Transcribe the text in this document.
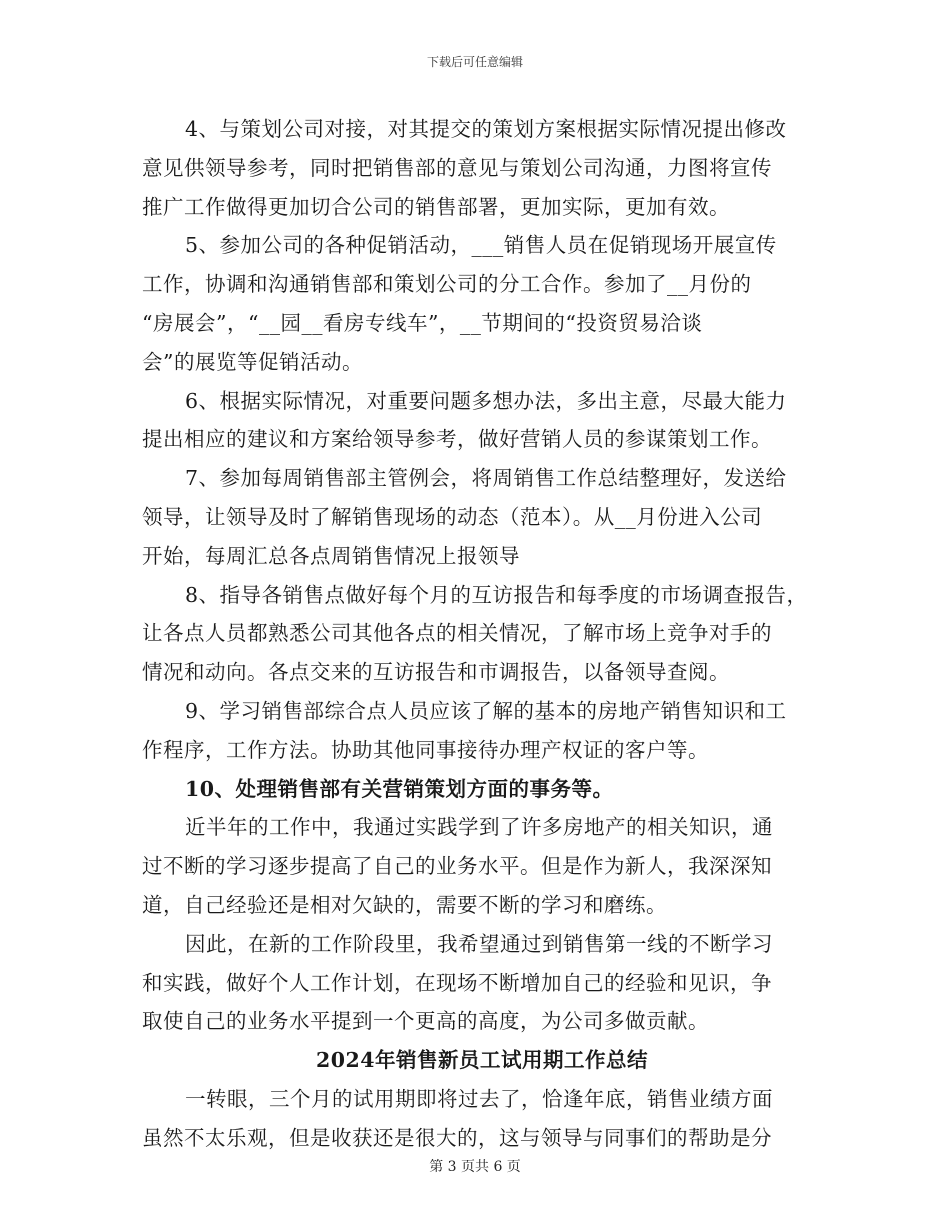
下载后可任意编辑
4、与策划公司对接，对其提交的策划方案根据实际情况提出修改
意见供领导参考，同时把销售部的意见与策划公司沟通，力图将宣传
推广工作做得更加切合公司的销售部署，更加实际，更加有效。
5、参加公司的各种促销活动，___销售人员在促销现场开展宣传
工作，协调和沟通销售部和策划公司的分工合作。参加了__月份的
“房展会”，“__园__看房专线车”，__节期间的“投资贸易洽谈
会”的展览等促销活动。
6、根据实际情况，对重要问题多想办法，多出主意，尽最大能力
提出相应的建议和方案给领导参考，做好营销人员的参谋策划工作。
7、参加每周销售部主管例会，将周销售工作总结整理好，发送给
领导，让领导及时了解销售现场的动态（范本）。从__月份进入公司
开始，每周汇总各点周销售情况上报领导
8、指导各销售点做好每个月的互访报告和每季度的市场调查报告，
让各点人员都熟悉公司其他各点的相关情况，了解市场上竞争对手的
情况和动向。各点交来的互访报告和市调报告，以备领导查阅。
9、学习销售部综合点人员应该了解的基本的房地产销售知识和工
作程序，工作方法。协助其他同事接待办理产权证的客户等。
10、处理销售部有关营销策划方面的事务等。
近半年的工作中，我通过实践学到了许多房地产的相关知识，通
过不断的学习逐步提高了自己的业务水平。但是作为新人，我深深知
道，自己经验还是相对欠缺的，需要不断的学习和磨练。
因此，在新的工作阶段里，我希望通过到销售第一线的不断学习
和实践，做好个人工作计划，在现场不断增加自己的经验和见识，争
取使自己的业务水平提到一个更高的高度，为公司多做贡献。
2024年销售新员工试用期工作总结
一转眼，三个月的试用期即将过去了，恰逢年底，销售业绩方面
虽然不太乐观，但是收获还是很大的，这与领导与同事们的帮助是分
第 3 页共 6 页
